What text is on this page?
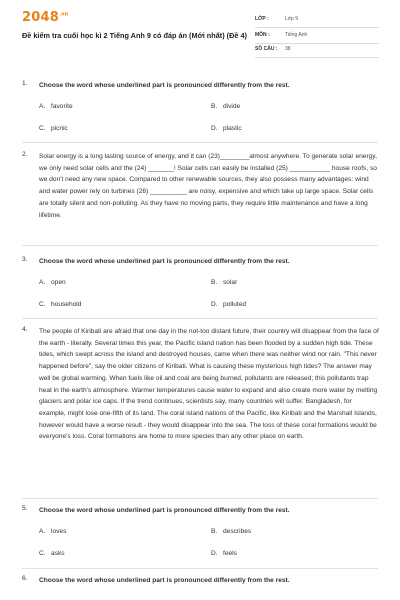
$2048^{.vn}$
Đề kiểm tra cuối học kì 2 Tiếng Anh 9 có đáp án (Mới nhất) (Đề 4)
LỚP :	Lớp 9
MÔN :	Tiếng Anh
SỐ CÂU : 38
1. Choose the word whose underlined part is pronounced differently from the rest.
A. favorite	B. divide
C. picnic	D. plastic
2. Solar energy is a long lasting source of energy, and it can (23)________almost anywhere. To generate solar energy, we only need solar cells and the (24) _______! Solar cells can easily be installed (25) ___________ house roofs, so we don't need any new space. Compared to other renewable sources, they also possess many advantages: wind and water power rely on turbines (26) __________ are noisy, expensive and which take up large space. Solar cells are totally silent and non-polluting. As they have no moving parts, they require little maintenance and have a long lifetime.
3. Choose the word whose underlined part is pronounced differently from the rest.
A. open	B. solar
C. household	D. polluted
4. The people of Kiribati are afraid that one day in the not-too distant future, their country will disappear from the face of the earth - literally. Several times this year, the Pacific island nation has been flooded by a sudden high tide. These tides, which swept across the island and destroyed houses, came when there was neither wind nor rain. "This never happened before", say the older citizens of Kiribati. What is causing these mysterious high tides? The answer may well be global warming. When fuels like oil and coal are being burned, pollutants are released; this pollutants trap heat in the earth's atmosphere. Warmer temperatures cause water to expand and also create more water by melting glaciers and polar ice caps. If the trend continues, scientists say, many countries will suffer. Bangladesh, for example, might lose one-fifth of its land. The coral island nations of the Pacific, like Kiribati and the Marshall Islands, however would have a worse result - they would disappear into the sea. The loss of these coral formations would be everyone's loss. Coral formations are home to more species than any other place on earth.
5. Choose the word whose underlined part is pronounced differently from the rest.
A. loves	B. describes
C. asks	D. feels
6. Choose the word whose underlined part is pronounced differently from the rest.
